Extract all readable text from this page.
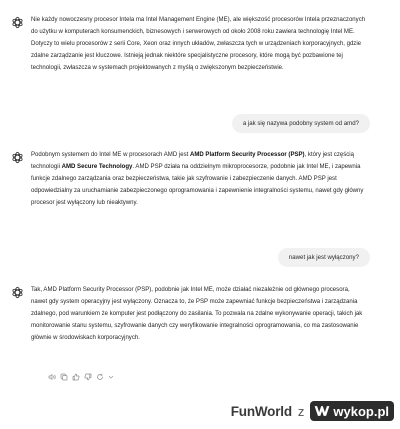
Nie każdy nowoczesny procesor Intela ma Intel Management Engine (ME), ale większość procesorów Intela przeznaczonych do użytku w komputerach konsumenckich, biznesowych i serwerowych od około 2008 roku zawiera technologię Intel ME. Dotyczy to wielu procesorów z serii Core, Xeon oraz innych układów, zwłaszcza tych w urządzeniach korporacyjnych, gdzie zdalne zarządzanie jest kluczowe. Istnieją jednak niektóre specjalistyczne procesory, które mogą być pozbawione tej technologii, zwłaszcza w systemach projektowanych z myślą o zwiększonym bezpieczeństwie.

a jak się nazywa podobny system od amd?

Podobnym systemem do Intel ME w procesorach AMD jest AMD Platform Security Processor (PSP), który jest częścią technologii AMD Secure Technology. AMD PSP działa na oddzielnym mikroprocesorze, podobnie jak Intel ME, i zapewnia funkcje zdalnego zarządzania oraz bezpieczeństwa, takie jak szyfrowanie i zabezpieczenie danych. AMD PSP jest odpowiedzialny za uruchamianie zabezpieczonego oprogramowania i zapewnienie integralności systemu, nawet gdy główny procesor jest wyłączony lub nieaktywny.

nawet jak jest wyłączony?

Tak, AMD Platform Security Processor (PSP), podobnie jak Intel ME, może działać niezależnie od głównego procesora, nawet gdy system operacyjny jest wyłączony. Oznacza to, że PSP może zapewniać funkcje bezpieczeństwa i zarządzania zdalnego, pod warunkiem że komputer jest podłączony do zasilania. To pozwala na zdalne wykonywanie operacji, takich jak monitorowanie stanu systemu, szyfrowanie danych czy weryfikowanie integralności oprogramowania, co ma zastosowanie głównie w środowiskach korporacyjnych.

FunWorld z wykop.pl
